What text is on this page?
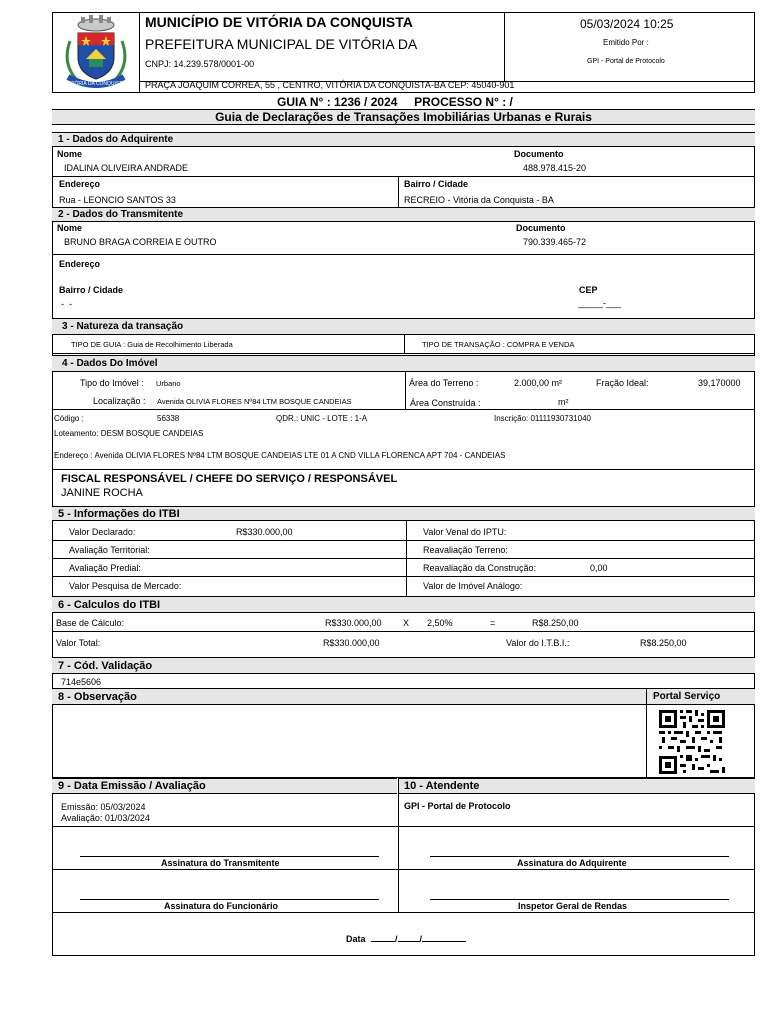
VITÓRIA DA CONQUISTA
MUNICÍPIO DE VITÓRIA DA CONQUISTA
PREFEITURA MUNICIPAL DE VITÓRIA DA
CNPJ: 14.239.578/0001-00
PRAÇA JOAQUIM CORREA, 55 , CENTRO, VITÓRIA DA CONQUISTA-BA CEP: 45040-901
05/03/2024 10:25
Emitido Por :
GPI - Portal de Protocolo
GUIA N° : 1236 / 2024     PROCESSO N° : /
Guia de Declarações de Transações Imobiliárias Urbanas e Rurais
1 - Dados do Adquirente
Nome
IDALINA OLIVEIRA ANDRADE
Documento
488.978.415-20
Endereço
Rua - LEONCIO SANTOS 33
Bairro / Cidade
RECREIO - Vitória da Conquista - BA
2 - Dados do Transmitente
Nome
BRUNO BRAGA CORREIA E OUTRO
Documento
790.339.465-72
Endereço
Bairro / Cidade
-  -
CEP
_____-___
3 - Natureza da transação
TIPO DE GUIA : Guia de Recolhimento Liberada	TIPO DE TRANSAÇÃO : COMPRA E VENDA
4 - Dados Do Imóvel
Tipo do Imóvel : Urbano
Localização : Avenida OLIVIA FLORES Nº84 LTM BOSQUE CANDEIAS
Área do Terreno :	2.000,00 m²	Fração Ideal:	39,170000
Área Construída :	m²
Código :	56338	QDR.: UNIC - LOTE : 1-A	Inscrição: 01111930731040
Loteamento: DESM BOSQUE CANDEIAS
Endereço : Avenida OLIVIA FLORES Nº84 LTM BOSQUE CANDEIAS LTE 01 A CND VILLA FLORENCA APT 704 - CANDEIAS
FISCAL RESPONSÁVEL / CHEFE DO SERVIÇO / RESPONSÁVEL
JANINE ROCHA
5 - Informações do ITBI
Valor Declarado:	R$330.000,00	Valor Venal do IPTU:
Avaliação Territorial:	Reavaliação Terreno:
Avaliação Predial:	Reavaliação da Construção:	0,00
Valor Pesquisa de Mercado:	Valor de Imóvel Análogo:
6 - Calculos do ITBI
Base de Cálculo:	R$330.000,00 X 2,50%	=	R$8.250,00
Valor Total:	R$330.000,00	Valor do I.T.B.I.:	R$8.250,00
7 - Cód. Validação
714e5606
8 - Observação	Portal Serviço
9 - Data Emissão / Avaliação	10 - Atendente
Emissão: 05/03/2024
Avaliação: 01/03/2024
GPI - Portal de Protocolo
Assinatura do Transmitente	Assinatura do Adquirente
Assinatura do Funcionário	Inspetor Geral de Rendas
Data	/ /
